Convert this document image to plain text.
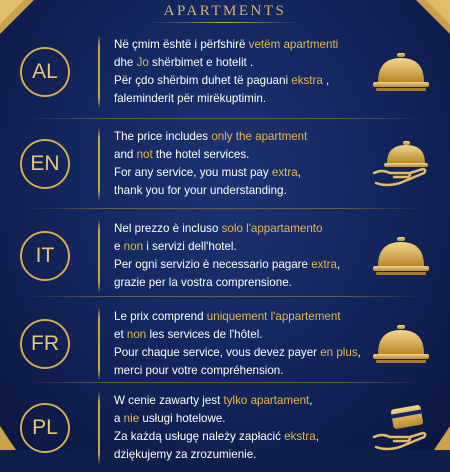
APARTMENTS
AL
Në çmim është i përfshirë vetëm apartmenti
dhe Jo shërbimet e hotelit .
Për çdo shërbim duhet të paguani ekstra ,
faleminderit për mirëkuptimin.
EN
The price includes only the apartment
and not the hotel services.
For any service, you must pay extra,
thank you for your understanding.
IT
Nel prezzo è incluso solo l'appartamento
e non i servizi dell'hotel.
Per ogni servizio è necessario pagare extra,
grazie per la vostra comprensione.
FR
Le prix comprend uniquement l'appartement
et non les services de l'hôtel.
Pour chaque service, vous devez payer en plus,
merci pour votre compréhension.
PL
W cenie zawarty jest tylko apartament,
a nie usługi hotelowe.
Za każdą usługę należy zapłacić ekstra,
dziękujemy za zrozumienie.
